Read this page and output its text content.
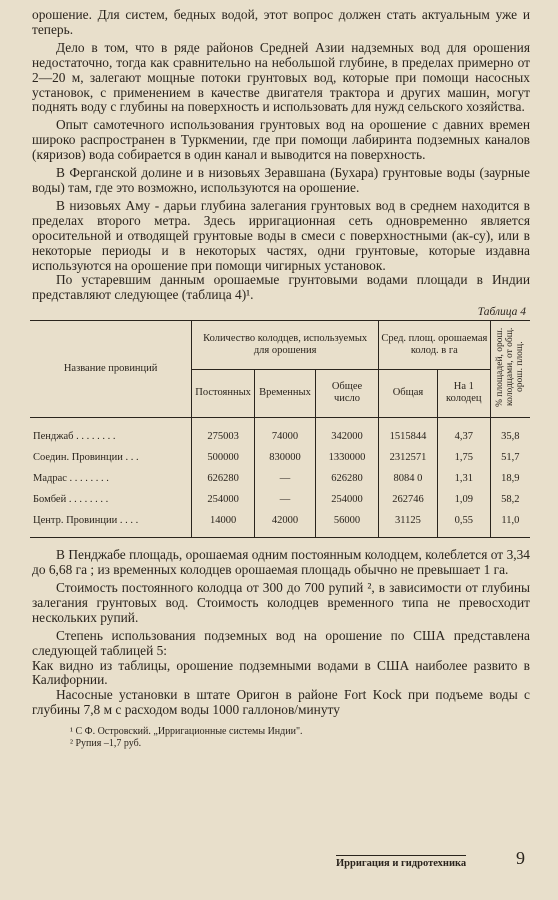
орошение. Для систем, бедных водой, этот вопрос должен стать актуальным уже и теперь.

Дело в том, что в ряде районов Средней Азии надземных вод для орошения недостаточно, тогда как сравнительно на небольшой глубине, в пределах примерно от 2—20 м, залегают мощные потоки грунтовых вод, которые при помощи насосных установок, с применением в качестве двигателя трактора и других машин, могут поднять воду с глубины на поверхность и использовать для нужд сельского хозяйства.

Опыт самотечного использования грунтовых вод на орошение с давних времен широко распространен в Туркмении, где при помощи лабиринта подземных каналов (кяризов) вода собирается в один канал и выводится на поверхность.

В Ферганской долине и в низовьях Зеравшана (Бухара) грунтовые воды (заурные воды) там, где это возможно, используются на орошение.

В низовьях Аму - дарьи глубина залегания грунтовых вод в среднем находится в пределах второго метра. Здесь ирригационная сеть одновременно является оросительной и отводящей грунтовые воды в смеси с поверхностными (ак-су), или в некоторые периоды и в некоторых частях, одни грунтовые, которые издавна используются на орошение при помощи чигирных установок.

По устаревшим данным орошаемые грунтовыми водами площади в Индии представляют следующее (таблица 4)¹.

Таблица 4
Название провинций	Количество колодцев, используемых для орошения			Сред. площ. орошаемая колод. в га		% площадей, орош. колодцами, от общ. орош. площ.
	Постоянных	Временных	Общее число	Общая	На 1 колодец	
Пенджаб . . . . . . . .	275003	74000	342000	1515844	4,37	35,8
Соедин. Провинции . . .	500000	830000	1330000	2312571	1,75	51,7
Мадрас . . . . . . . .	626280	—	626280	8084 0	1,31	18,9
Бомбей . . . . . . . .	254000	—	254000	262746	1,09	58,2
Центр. Провинции . . . .	14000	42000	56000	31125	0,55	11,0

В Пенджабе площадь, орошаемая одним постоянным колодцем, колеблется от 3,34 до 6,68 га ; из временных колодцев орошаемая площадь обычно не превышает 1 га.

Стоимость постоянного колодца от 300 до 700 рупий ², в зависимости от глубины залегания грунтовых вод. Стоимость колодцев временного типа не превосходит нескольких рупий.

Степень использования подземных вод на орошение по США представлена следующей таблицей 5:

Как видно из таблицы, орошение подземными водами в США наиболее развито в Калифорнии.

Насосные установки в штате Оригон в районе Fort Kock при подъеме воды с глубины 7,8 м с расходом воды 1000 галлонов/минуту

¹ С Ф. Островский. „Ирригационные системы Индии".
² Рупия –1,7 руб.
Ирригация и гидротехника	9
